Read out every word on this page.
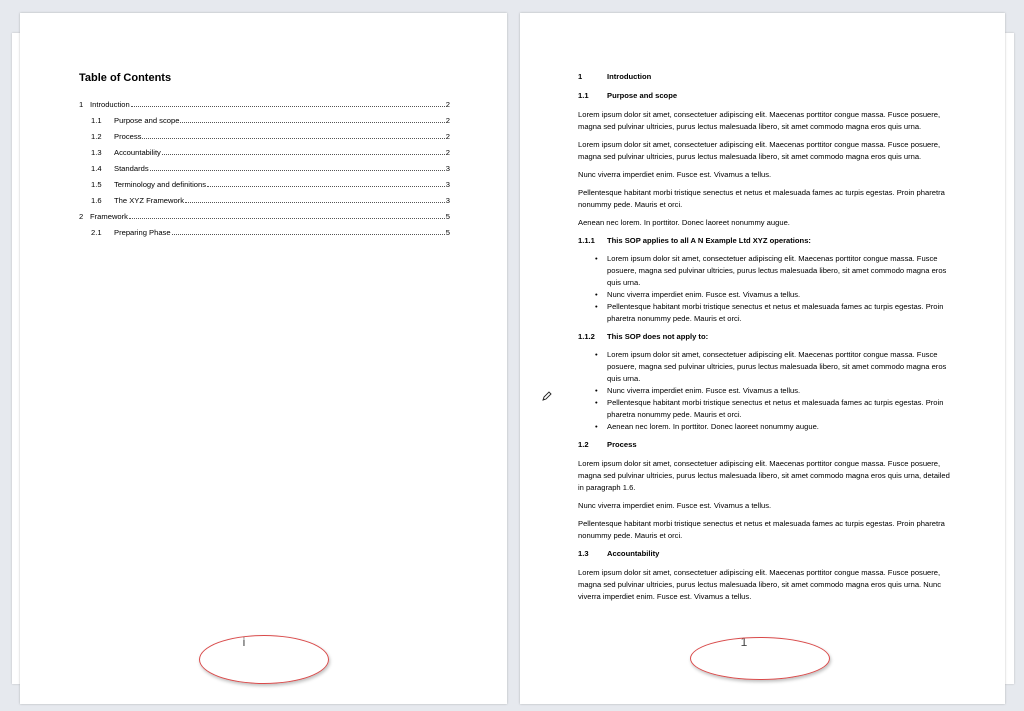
Table of Contents
1 Introduction	2
1.1	Purpose and scope	2
1.2	Process	2
1.3	Accountability	2
1.4	Standards	3
1.5	Terminology and definitions	3
1.6	The XYZ Framework	3
2 Framework	5
2.1	Preparing Phase	5
1	Introduction
1.1	Purpose and scope
Lorem ipsum dolor sit amet, consectetuer adipiscing elit. Maecenas porttitor congue massa. Fusce posuere, magna sed pulvinar ultricies, purus lectus malesuada libero, sit amet commodo magna eros quis urna.
Lorem ipsum dolor sit amet, consectetuer adipiscing elit. Maecenas porttitor congue massa. Fusce posuere, magna sed pulvinar ultricies, purus lectus malesuada libero, sit amet commodo magna eros quis urna.
Nunc viverra imperdiet enim. Fusce est. Vivamus a tellus.
Pellentesque habitant morbi tristique senectus et netus et malesuada fames ac turpis egestas. Proin pharetra nonummy pede. Mauris et orci.
Aenean nec lorem. In porttitor. Donec laoreet nonummy augue.
1.1.1	This SOP applies to all A N Example Ltd XYZ operations:
• Lorem ipsum dolor sit amet, consectetuer adipiscing elit. Maecenas porttitor congue massa. Fusce posuere, magna sed pulvinar ultricies, purus lectus malesuada libero, sit amet commodo magna eros quis urna.
• Nunc viverra imperdiet enim. Fusce est. Vivamus a tellus.
• Pellentesque habitant morbi tristique senectus et netus et malesuada fames ac turpis egestas. Proin pharetra nonummy pede. Mauris et orci.
1.1.2	This SOP does not apply to:
• Lorem ipsum dolor sit amet, consectetuer adipiscing elit. Maecenas porttitor congue massa. Fusce posuere, magna sed pulvinar ultricies, purus lectus malesuada libero, sit amet commodo magna eros quis urna.
• Nunc viverra imperdiet enim. Fusce est. Vivamus a tellus.
• Pellentesque habitant morbi tristique senectus et netus et malesuada fames ac turpis egestas. Proin pharetra nonummy pede. Mauris et orci.
• Aenean nec lorem. In porttitor. Donec laoreet nonummy augue.
1.2	Process
Lorem ipsum dolor sit amet, consectetuer adipiscing elit. Maecenas porttitor congue massa. Fusce posuere, magna sed pulvinar ultricies, purus lectus malesuada libero, sit amet commodo magna eros quis urna, detailed in paragraph 1.6.
Nunc viverra imperdiet enim. Fusce est. Vivamus a tellus.
Pellentesque habitant morbi tristique senectus et netus et malesuada fames ac turpis egestas. Proin pharetra nonummy pede. Mauris et orci.
1.3	Accountability
Lorem ipsum dolor sit amet, consectetuer adipiscing elit. Maecenas porttitor congue massa. Fusce posuere, magna sed pulvinar ultricies, purus lectus malesuada libero, sit amet commodo magna eros quis urna. Nunc viverra imperdiet enim. Fusce est. Vivamus a tellus.
i	1
